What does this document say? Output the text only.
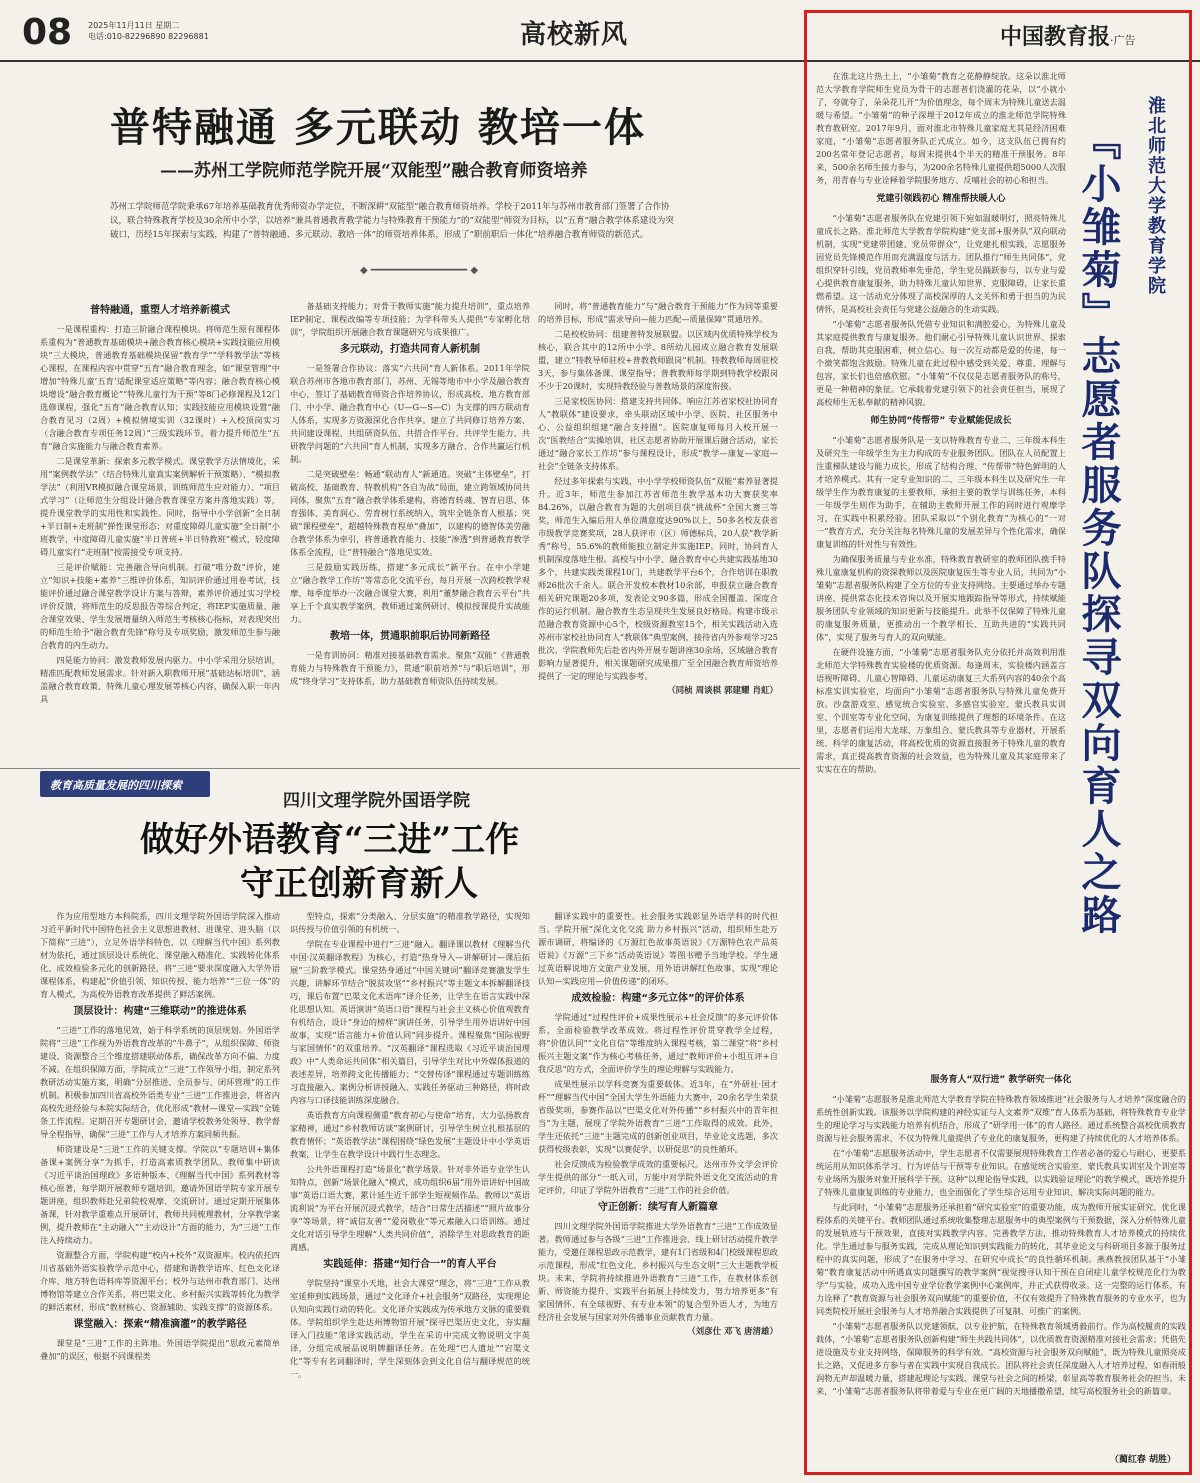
08 2025年11月11日 星期二
电话:010-82296890 82296881	高校新风
普特融通 多元联动 教培一体
——苏州工学院师范学院开展“双能型”融合教育师资培养
苏州工学院师范学院秉承67年培养基础教育优秀师资办学定位，不断深耕“双能型”融合教育师资培养。学校于2011年与苏州市教育部门签署了合作协议，联合特殊教育学校及30余所中小学，以培养“兼具普通教育教学能力与特殊教育干预能力”的“双能型”师资为目标，以“五育”融合教学体系建设为突破口，历经15年探索与实践，构建了“普特融通、多元联动、教培一体”的师资培养体系，形成了“职前职后一体化”培养融合教育师资的新范式。
◆ ━━━━━━━━━━━━━━━━ ◆
普特融通，重塑人才培养新模式

一是课程重构：打造三阶融合课程模块。将师范生原有课程体系重构为“普通教育基础模块+融合教育核心模块+实践技能应用模块”三大模块，普通教育基础模块保留“教育学”“学科教学法”等核心课程，在课程内容中贯穿“五育”融合教育理念，如“课堂管理”中增加“特殊儿童‘五育’适配课堂适应策略”等内容；融合教育核心模块增设“融合教育概论”“特殊儿童行为干预”等8门必修课程及12门选修课程，强化“五育”融合教育认知；实践技能应用模块设置“融合教育见习（2周）+模拟情境实训（32课时）+入校顶岗实习（含融合教育专项任务12周）”三级实践环节，着力提升师范生“五育”融合实施能力与融合教育素养。

二是课堂革新：探索多元教学模式。课堂教学方法情境化，采用“案例教学法”（结合特殊儿童真实案例解析干预策略）、“模拟教学法”（利用VR模拟融合课堂场景，训练师范生应对能力）、“项目式学习”（让师范生分组设计融合教育课堂方案并落地实践）等，提升课堂教学的实用性和实践性。同时，指导中小学创新“全日制+半日制+走班制”弹性课堂形态：对重度障碍儿童实施“全日制”小班教学，中度障碍儿童实施“半日普班+半日特教班”模式，轻度障碍儿童实行“走班制”按需接受专项支持。

三是评价赋能：完善融合导向机制。打破“唯分数”评价，建立“知识+技能+素养”三维评价体系，知识评价通过用卷考试，技能评价通过融合课堂教学设计方案与答辩，素养评价通过实习学校评价反馈，将师范生的反思报告等综合判定，将IEP实施质量、融合课堂效果、学生发展增量纳入师范生考核核心指标，对表现突出的师范生给予“融合教育先锋”称号及专项奖励，激发师范生参与融合教育的内生动力。

四是能力协同：激发教师发展内驱力。中小学采用分层培训，精准匹配教师发展需求。针对新入职教师开展“基础达标培训”，涵盖融合教育政策、特殊儿童心理发展等核心内容，确保入职一年内具

备基础支持能力；对骨干教师实施“能力提升培训”，重点培养IEP制定、课程改编等专项技能；为学科带头人提供“专家孵化培训”，学院组织开展融合教育课题研究与成果推广。

多元联动，打造共同育人新机制

一是签署合作协议：落实“六共同”育人新体系。2011年学院联合苏州市各地市教育部门，苏州、无锡等地市中小学及融合教育中心，签订了基础教育师资合作培养协议，形成高校、地方教育部门、中小学、融合教育中心（U—G—S—C）为支撑的四方联动育人体系，实现多方资源深化合作共享。建立了共同修订培养方案、共同建设课程、共组研资队伍、共搭合作平台、共评学生能力、共研教学问题的“六共同”育人机制，实现多方融合、合作共赢运行机制。

二是突破壁垒：畅通“联动育人”新通道。突破“主体壁垒”，打破高校、基础教育、特教机构“各自为战”局面，建立跨领域协同共同体，聚焦“五育”融合教学体系建构，将德育转魂、智育启思、体育强体、美育润心、劳育树行系统纳入，筑牢全链条育人根基；突破“课程壁垒”，超越特殊教育程单“叠加”，以建构的德智体美劳融合教学体系为牵引，将普通教育能力、技能“渗透”到普通教育教学体系全流程，让“普特融合”落地见实效。

三是鼓励实践历练，搭建“多元成长”新平台。在中小学建立“融合教学工作坊”等常态化交流平台，每月开展一次跨校教学观摩、每季度举办一次融合课堂大赛，利用“董梦融合教育云平台”共享上千个真实教学案例，教师通过案例研讨、模拟授课提升实战能力。

教培一体，贯通职前职后协同新路径

一是育训协同：精准对接基础教育需求。聚焦“双能”《普通教育能力与特殊教育干预能力》，贯通“职前培养”与“职后培训”，形成“终身学习”支持体系，助力基础教育师资队伍持续发展。

同时，将“普通教育能力”与“融合教育干预能力”作为同等重要的培养目标，形成“需求导向—能力匹配—质量保障”贯通培养。

二是校校协同：组建普特发展联盟。以区域内优质特殊学校为核心，联合其中的12所中小学、8所幼儿园成立融合教育发展联盟，建立“特教导师驻校+普教教师跟岗”机制。特教教师每周驻校3天，参与集体备课、课堂指导；普教教师每学期到特教学校跟岗不少于20课时，实现特教经验与普教场景的深度衔接。

三是家校医协同：搭建支持共同体。响应江苏省家校社协同育人“教联体”建设要求，牵头联动区域中小学、医院、社区服务中心、公益组织组建“融合支持圈”。医院康复师每月入校开展一次“医教结合”实操培训，社区志愿者协助开展课后融合活动，家长通过“融合家长工作坊”参与课程设计，形成“教学—康复—家庭—社会”全链条支持体系。

经过多年探索与实践，中小学学校师资队伍“双能”素养显著提升。近3年，师范生参加江苏省师范生教学基本功大赛获奖率84.26%，以融合教育为题的大创项目获“挑战杯”全国大赛三等奖，师范生入编后用人单位满意度达90%以上，50多名校友获省市级教学竞赛奖项，28人获评市（区）师德标兵，20人获“教学新秀”称号，55.6%的教师能独立制定并实施IEP。同时，协同育人机制深度落地生根。高校与中小学、融合教育中心共建实践基地30多个，共建实践类课程10门，共建教学平台6个，合作培训在职教师26批次千余人。联合开发校本教材10余部，申报获立融合教育相关研究课题20多项，发表论文90多篇，形成全国覆盖、深度合作的运行机制。融合教育生态呈现共生发展良好格局。构建市级示范融合教育资源中心5个，校级资源教室15个，相关实践活动入选苏州市家校社协同育人“教联体”典型案例，接待省内外参观学习25批次。学院教师先后赴省内外开展专题讲座30余场，区域融合教育影响力显著提升，相关课题研究成果推广至全国融合教育师资培养提供了一定的理论与实践参考。

（同桢 周谈棋 郭建耀 肖虹）
教育高质量发展的四川探索
四川文理学院外国语学院
做好外语教育“三进”工作
守正创新育新人

作为应用型地方本科院系，四川文理学院外国语学院深入推动习近平新时代中国特色社会主义思想进教材、进课堂、进头脑（以下简称“三进”），立足外语学科特色，以《理解当代中国》系列教材为依托，通过顶层设计系统化、课堂融入精准化、实践转化体系化、成效检验多元化的创新路径，将“三进”要求深度融入大学外语课程体系，构建起“价值引领、知识传授、能力培养”“三位一体”的育人模式，为高校外语教育改革提供了鲜活案例。

顶层设计：构建“三维联动”的推进体系

“三进”工作的落地见效，始于科学系统的顶层规划。外国语学院将“三进”工作视为外语教育改革的“牛鼻子”，从组织保障、师资建设、资源整合三个维度搭建联动体系，确保改革方向不偏、力度不减。在组织保障方面，学院成立“三进”工作领导小组，制定系列教研活动实施方案，明确“分层推进、全员参与、闭环管理”的工作机制。积极参加四川省高校外语类专业“三进”工作推进会，将省内高校先进经验与本院实际结合，优化形成“教材—课堂—实践”全链条工作流程。定期召开专题研讨会，邀请学校教务处领导、教学督导全程指导，确保“三进”工作与人才培养方案同频共振。

师资建设是“三进”工作的关键支撑。学院以“专题培训+集体备课+案例分享”为抓手，打造高素质教学团队。教师集中研读《习近平谈治国理政》多语种版本、《理解当代中国》系列教材等核心原著，每学期开展教师专题培训，邀请外国语学院专家开展专题讲座，组织教师赴兄弟院校观摩、交流研讨。通过定期开展集体备课，针对教学重难点开展研讨，教师共同梳理教材，分享教学案例，提升教师在“主动融入”“主动设计”方面的能力，为“三进”工作注入持续动力。

资源整合方面，学院构建“校内+校外”双资源库。校内依托四川省基础外语实验教学示范中心，搭建和谐教学语库、红色文化译介库、地方特色语料库等资源平台；校外与达州市教育部门、达州博物馆等建立合作关系，将巴渠文化、乡村振兴实践等转化为教学的鲜活素材，形成“教材核心、资源辅助、实践支撑”的资源体系。

课堂融入：探索“精准滴灌”的教学路径

课堂是“三进”工作的主阵地。外国语学院提出“思政元素简单叠加”的误区，根据不同课程类

型特点，探索“分类融入、分层实施”的精准教学路径，实现知识传授与价值引领的有机统一。

学院在专业课程中进行“三进”融入。翻译课以教材《理解当代中国·汉英翻译教程》为核心，打造“热身导入—讲解研讨—课后拓展”三阶教学模式。课堂热身通过“中国关键词”翻译竞赛激发学生兴趣，讲解环节结合“脱贫攻坚”“乡村振兴”等主题文本拆解翻译技巧，课后布置“巴渠文化术语库”译介任务，让学生在语言实践中深化思想认知。英语演讲“英语口语”课程与社会主义核心价值观教育有机结合，设计“身边的榜样”演讲任务，引导学生用外语讲好中国故事，实现“语言能力+价值认同”同步提升。课程聚焦“国际视野与家国情怀”的双重培养。“汉英翻译”课程选取《习近平谈治国理政》中“人类命运共同体”相关篇目，引导学生对比中外媒体报道的表述差异，培养跨文化传播能力；“交替传译”课程通过专题训练练习直接融入、案例分析讲授融入、实践任务驱动三种路径，将时政内容与口译技能训练深度融合。

英语教育方向课程侧重“教育初心与使命”培育，大力弘扬教育家精神，通过“乡村教师访谈”案例研讨，引导学生树立扎根基层的教育情怀；“英语教学法”课程围绕“绿色发展”主题设计中小学英语教案，让学生在教学设计中践行生态理念。

公共外语课程打造“场景化”教学场景。针对非外语专业学生认知特点，创新“场景化融入”模式，成功组织6届“用外语讲好中国故事”英语口语大赛，累计延生近千部学生短视频作品。教师以“英语流利说”为平台开展沉浸式教学，结合“日常生活描述”“照片故事分享”等场景，将“诚信友善”“爱岗敬业”等元素融入口语训练。通过文化对话引导学生理解“人类共同价值”，消除学生对思政教育的距离感。

实践延伸：搭建“知行合一”的育人平台

学院坚持“课堂小天地，社会大课堂”理念，将“三进”工作从教室延伸到实践场景，通过“文化译介+社会服务”双路径，实现理论认知向实践行动的转化。文化译介实践成为传承地方文脉的重要载体。学院组织学生赴达州博物馆开展“探寻巴渠历史文化，夯实翻译入门技能”笔译实践活动，学生在采访中完成文物说明文字英译，分组完成展品说明牌翻译任务。在处理“巴人遗址”“宕渠文化”等专有名词翻译时，学生深刻体会到文化自信与翻译规范的统一。

翻译实践中的重要性。社会服务实践彰显外语学科的时代担当。学院开展“深化文化交流 助力乡村振兴”活动，组织师生赴万源市调研，将编译的《万源红色故事英语说》《万源特色农产品英语说》《万源“三下乡”活动英语说》等图书赠予当地学校。学生通过英语解说地方文旅产业发展，用外语讲解红色故事，实现“理论认知—实践应用—价值传递”的闭环。

成效检验：构建“多元立体”的评价体系

学院通过“过程性评价+成果性展示+社会反馈”的多元评价体系，全面检验教学改革成效。将过程性评价贯穿教学全过程，将“价值认同”“文化自信”等维度纳入课程考核，第二课堂“将“乡村振兴主题文案”作为核心考核任务，通过“教师评价+小组互评+自我反思”的方式，全面评价学生的理论理解与实践能力。

成果性展示以学科竞赛为重要载体。近3年，在“外研社·国才杯”“理解当代中国”全国大学生外语能力大赛中，20余名学生荣获省级奖项，参赛作品以“巴渠文化对外传播”“乡村振兴中的青年担当”为主题，展现了学院外语教育“三进”工作取得的成效。此外，学生还依托“三进”主题完成的创新创业项目，毕业论文选题，多次获得校级表彰，实现“以赛促学、以研促思”的良性循环。

社会反馈成为检验教学成效的重要标尺。达州市外文学会评价学生提供的部分“一纸入司，万能中对学院外语文化交流活动的肯定评价，印证了学院外语教育“三进”工作的社会价值。

守正创新：续写育人新篇章

四川文理学院外国语学院推进大学外语教育“三进”工作成效显著。教师通过参与各级“三进”工作推进会、线上研讨活动提升教学能力，受邀任课程思政示范教学，建有1门省级和4门校级课程思政示范课程，形成“红色文化、乡村振兴与生态文明”三大主题教学板块。未来，学院将持续推进外语教育“三进”工作，在教材体系创新、师资能力提升、实践平台拓展上持续发力，努力培养更多“有家国情怀、有全球视野、有专业本领”的复合型外语人才，为地方经济社会发展与国家对外传播事业贡献教育力量。

（刘彦仕 邓飞 唐清雄）
中国教育报·广告
淮北师范大学教育学院
『小雏菊』志愿者服务队探寻双向育人之路

在淮北这片热土上，“小雏菊”教育之花静静绽放。这朵以淮北师范大学教育学院师生党员为骨干的志愿者们浇灌的花朵，以“小就小了，夸就夸了，朵朵花儿开”为价值理念，每个周末为特殊儿童送去温暖与希望。“小雏菊”的种子深埋于2012年成立的淮北师范学院特殊教育教研室。2017年9月，面对淮北市特殊儿童家庭尤其是经济困难家庭，“小雏菊”志愿者服务队正式成立。如今，这支队伍已拥有约200名常年登记志愿者，每周末提供4个半天的精准干预服务。8年来，500余名师生接力参与，为200余名特殊儿童提供超5000人次服务，用青春与专业诠释着学院服务地方、反哺社会的初心和担当。

党建引领践初心 精准帮扶暖人心

“小雏菊”志愿者服务队在党建引领下宛如温暖明灯，照亮特殊儿童成长之路。淮北师范大学教育学院构建“党支部+服务队”双向联动机制，实现“党建带团建、党员带群众”，让党建扎根实践，志愿服务因党员先锋模范作用而充满温度与活力。团队推行“师生共同体”，党组织穿针引线，党员教师率先垂范，学生党员踊跃参与，以专业与爱心提供教育康复服务，助力特殊儿童认知世界、克服障碍，让家长重燃希望。这一活动充分体现了高校深厚的人文关怀和勇于担当的为民情怀，是高校社会责任与党建公益融合的生动实践。

“小雏菊”志愿者服务队凭借专业知识和满腔爱心，为特殊儿童及其家庭提供教育与康复服务。他们耐心引导特殊儿童认识世界、探索自我，帮助其克服困难，树立信心。每一次互动都是爱的传递，每一个微笑都饱含鼓励。特殊儿童在此过程中感受到关爱、尊重、理解与包容，家长们也倍感欣慰。“小雏菊”不仅仅是志愿者服务队的称号，更是一种精神的象征。它承载着党建引领下的社会责任担当，展现了高校师生无私奉献的精神风貌。

师生协同“传帮带” 专业赋能促成长

“小雏菊”志愿者服务队是一支以特殊教育专业二、三年级本科生及研究生一年级学生为主力构成的专业服务团队。团队在人员配置上注重梯队建设与能力成长，形成了结构合理、“传帮带”特色鲜明的人才培养模式。其有一定专业知识的二、三年级本科生以及研究生一年级学生作为教育康复的主要教师，承担主要的教学与训练任务，本科一年级学生则作为助手，在辅助主教师开展工作的同时进行观摩学习，在实践中积累经验。团队采取以“个别化教育”为核心的“一对一”教育方式，充分关注每名特殊儿童的发展差异与个性化需求，确保康复训练的针对性与有效性。

为确保服务质量与专业水准，特殊教育教研室的教师团队携手特殊儿童康复机构的资深教师以及医院康复医生等专业人员，共同为“小雏菊”志愿者服务队构建了全方位的专业支持网络。主要通过举办专题讲座、提供常态化技术咨询以及开展实地跟踪指导等形式，持续赋能服务团队专业领域的知识更新与技能提升。此举不仅保障了特殊儿童的康复服务质量，更推动出一个教学相长、互助共进的“实践共同体”，实现了服务与育人的双向赋能。

在硬件设施方面，“小雏菊”志愿者服务队充分依托并高效利用淮北师范大学特殊教育实验楼的优质资源。每逢周末，实验楼内涵盖言语视听障碍、儿童心智障碍、儿童运动康复三大系列内容的40余个高标准实训实验室，均面向“小雏菊”志愿者服务队与特殊儿童免费开放。沙盘游戏室、感觉统合实验室、多感官实验室、蒙氏教具实训室、个训室等专业化空间，为康复训练提供了理想的环境条件。在这里，志愿者们运用大龙球、万象组合、蒙氏教具等专业器材，开展系统、科学的康复活动，将高校优质的资源直接服务于特殊儿童的教育需求，真正提高教育资源的社会效益，也为特殊儿童及其家庭带来了实实在在的帮助。

服务育人“双行进” 教学研究一体化

“小雏菊”志愿服务是淮北师范大学教育学院在特殊教育领域推进“社会服务与人才培养”深度融合的系统性创新实践。该服务以学院构建的神经实证与人文素养“双维”育人体系为基础，将特殊教育专业学生的理论学习与实践能力培养有机结合，形成了“研学用一体”的育人路径。通过系统整合高校优质教育资源与社会服务需求，不仅为特殊儿童提供了专业化的康复服务，更构建了持续优化的人才培养体系。

在“小雏菊”志愿服务活动中，学生志愿者不仅需要展现特殊教育工作者必备的爱心与耐心，更要系统运用从知识体系学习、行为评估与干预等专业知识。在感觉统合实验室、蒙氏教具实训室及个训室等专业场所为服务对象开展科学干预。这种“以理论指导实践，以实践验证理论”的教学模式，既培养提升了特殊儿童康复训练的专业能力，也全面强化了学生综合运用专业知识、解决实际问题的能力。

与此同时，“小雏菊”志愿服务还承担着“研究实验室”的重要功能，成为教师开展实证研究、优化课程体系的关键平台。教师团队通过系统收集整理志愿服务中的典型案例与干预数据，深入分析特殊儿童的发展轨迹与干预效果，直接对实践教学内容、完善教学方法，推动特殊教育人才培养模式的持续优化。学生通过参与服务实践，完成从理论知识到实践能力的转化，其毕业论文与科研项目多源于服务过程中的真实问题，形成了“在服务中学习、在研究中成长”的良性循环机制。燕燕教授团队基于“小雏菊”教育康复活动中所遇真实问题撰写的教学案例“视觉搜寻认知干预在自闭症儿童学校规范化行为教学”与实验，成功入选中国专业学位教学案例中心案例库，并正式获得收录。这一完整的运行体系，有力诠释了“教育资源与社会服务双向赋能”的重要价值，不仅有效提升了特殊教育服务的专业水平，也为同类院校开展社会服务与人才培养融合实践提供了可复制、可推广的案例。

“小雏菊”志愿者服务队以党建领航，以专业护航，在特殊教育领域勇毅前行。作为高校履责的实践载体，“小雏菊”志愿者服务队创新构建“师生共践共同体”，以优质教育资源精准对接社会需求；凭借先进设施及专业支持网络，保障服务的科学有效。“高校资源与社会服务双向赋能”，既为特殊儿童照亮成长之路，又促进多方参与者在实践中实现自我成长。团队将社会责任深度融入人才培养过程，如春雨般润物无声却温暖力量，搭建起理论与实践、课堂与社会之间的桥梁，彰显高等教育服务社会的担当。未来，“小雏菊”志愿者服务队将带着爱与专业在更广阔的天地播撒希望，续写高校服务社会的新篇章。

（蔺红春 胡胜）
